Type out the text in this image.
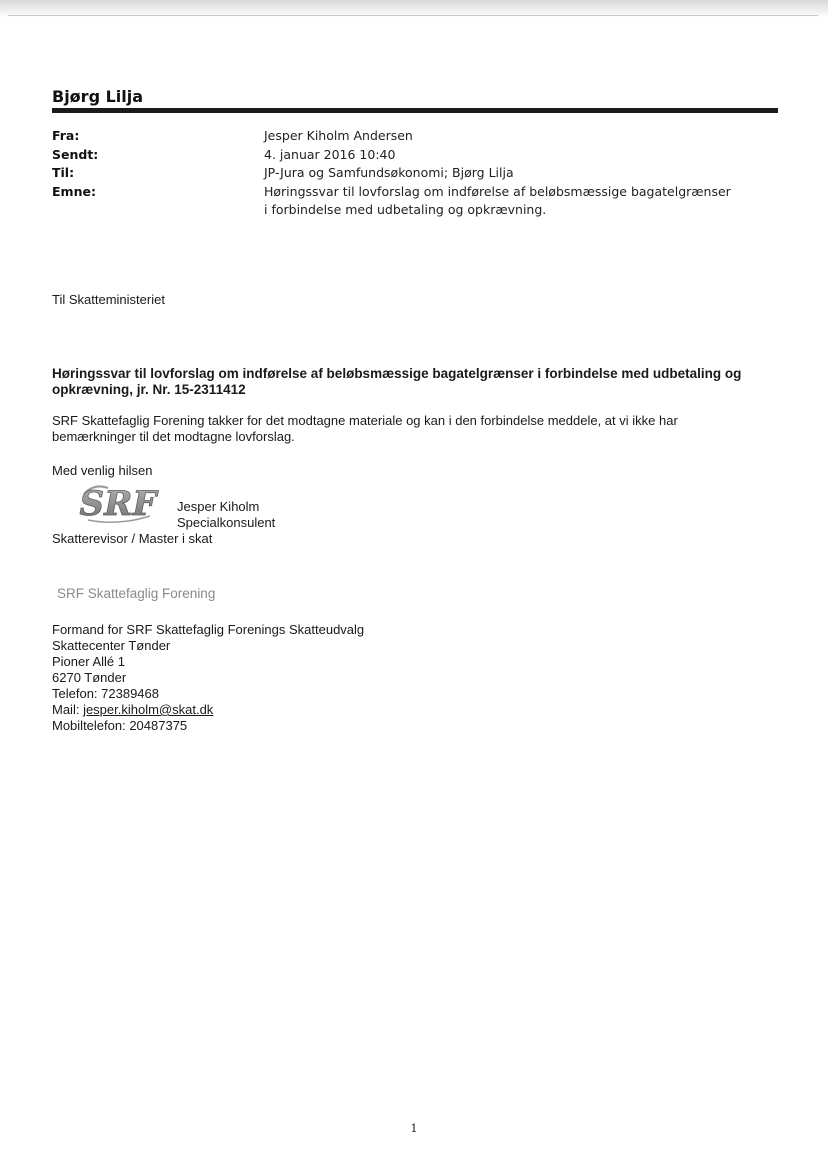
Bjørg Lilja
Fra:	Jesper Kiholm Andersen
Sendt:	4. januar 2016 10:40
Til:	JP-Jura og Samfundsøkonomi; Bjørg Lilja
Emne:	Høringssvar til lovforslag om indførelse af beløbsmæssige bagatelgrænser i forbindelse med udbetaling og opkrævning.
Til Skatteministeriet
Høringssvar til lovforslag om indførelse af beløbsmæssige bagatelgrænser i forbindelse med udbetaling og opkrævning, jr. Nr. 15-2311412
SRF Skattefaglig Forening takker for det modtagne materiale og kan i den forbindelse meddele, at vi ikke har bemærkninger til det modtagne lovforslag.
Med venlig hilsen
SRF Jesper Kiholm
Specialkonsulent
Skatterevisor / Master i skat
SRF Skattefaglig Forening
Formand for SRF Skattefaglig Forenings Skatteudvalg
Skattecenter Tønder
Pioner Allé 1
6270 Tønder
Telefon: 72389468
Mail: jesper.kiholm@skat.dk
Mobiltelefon: 20487375
1
